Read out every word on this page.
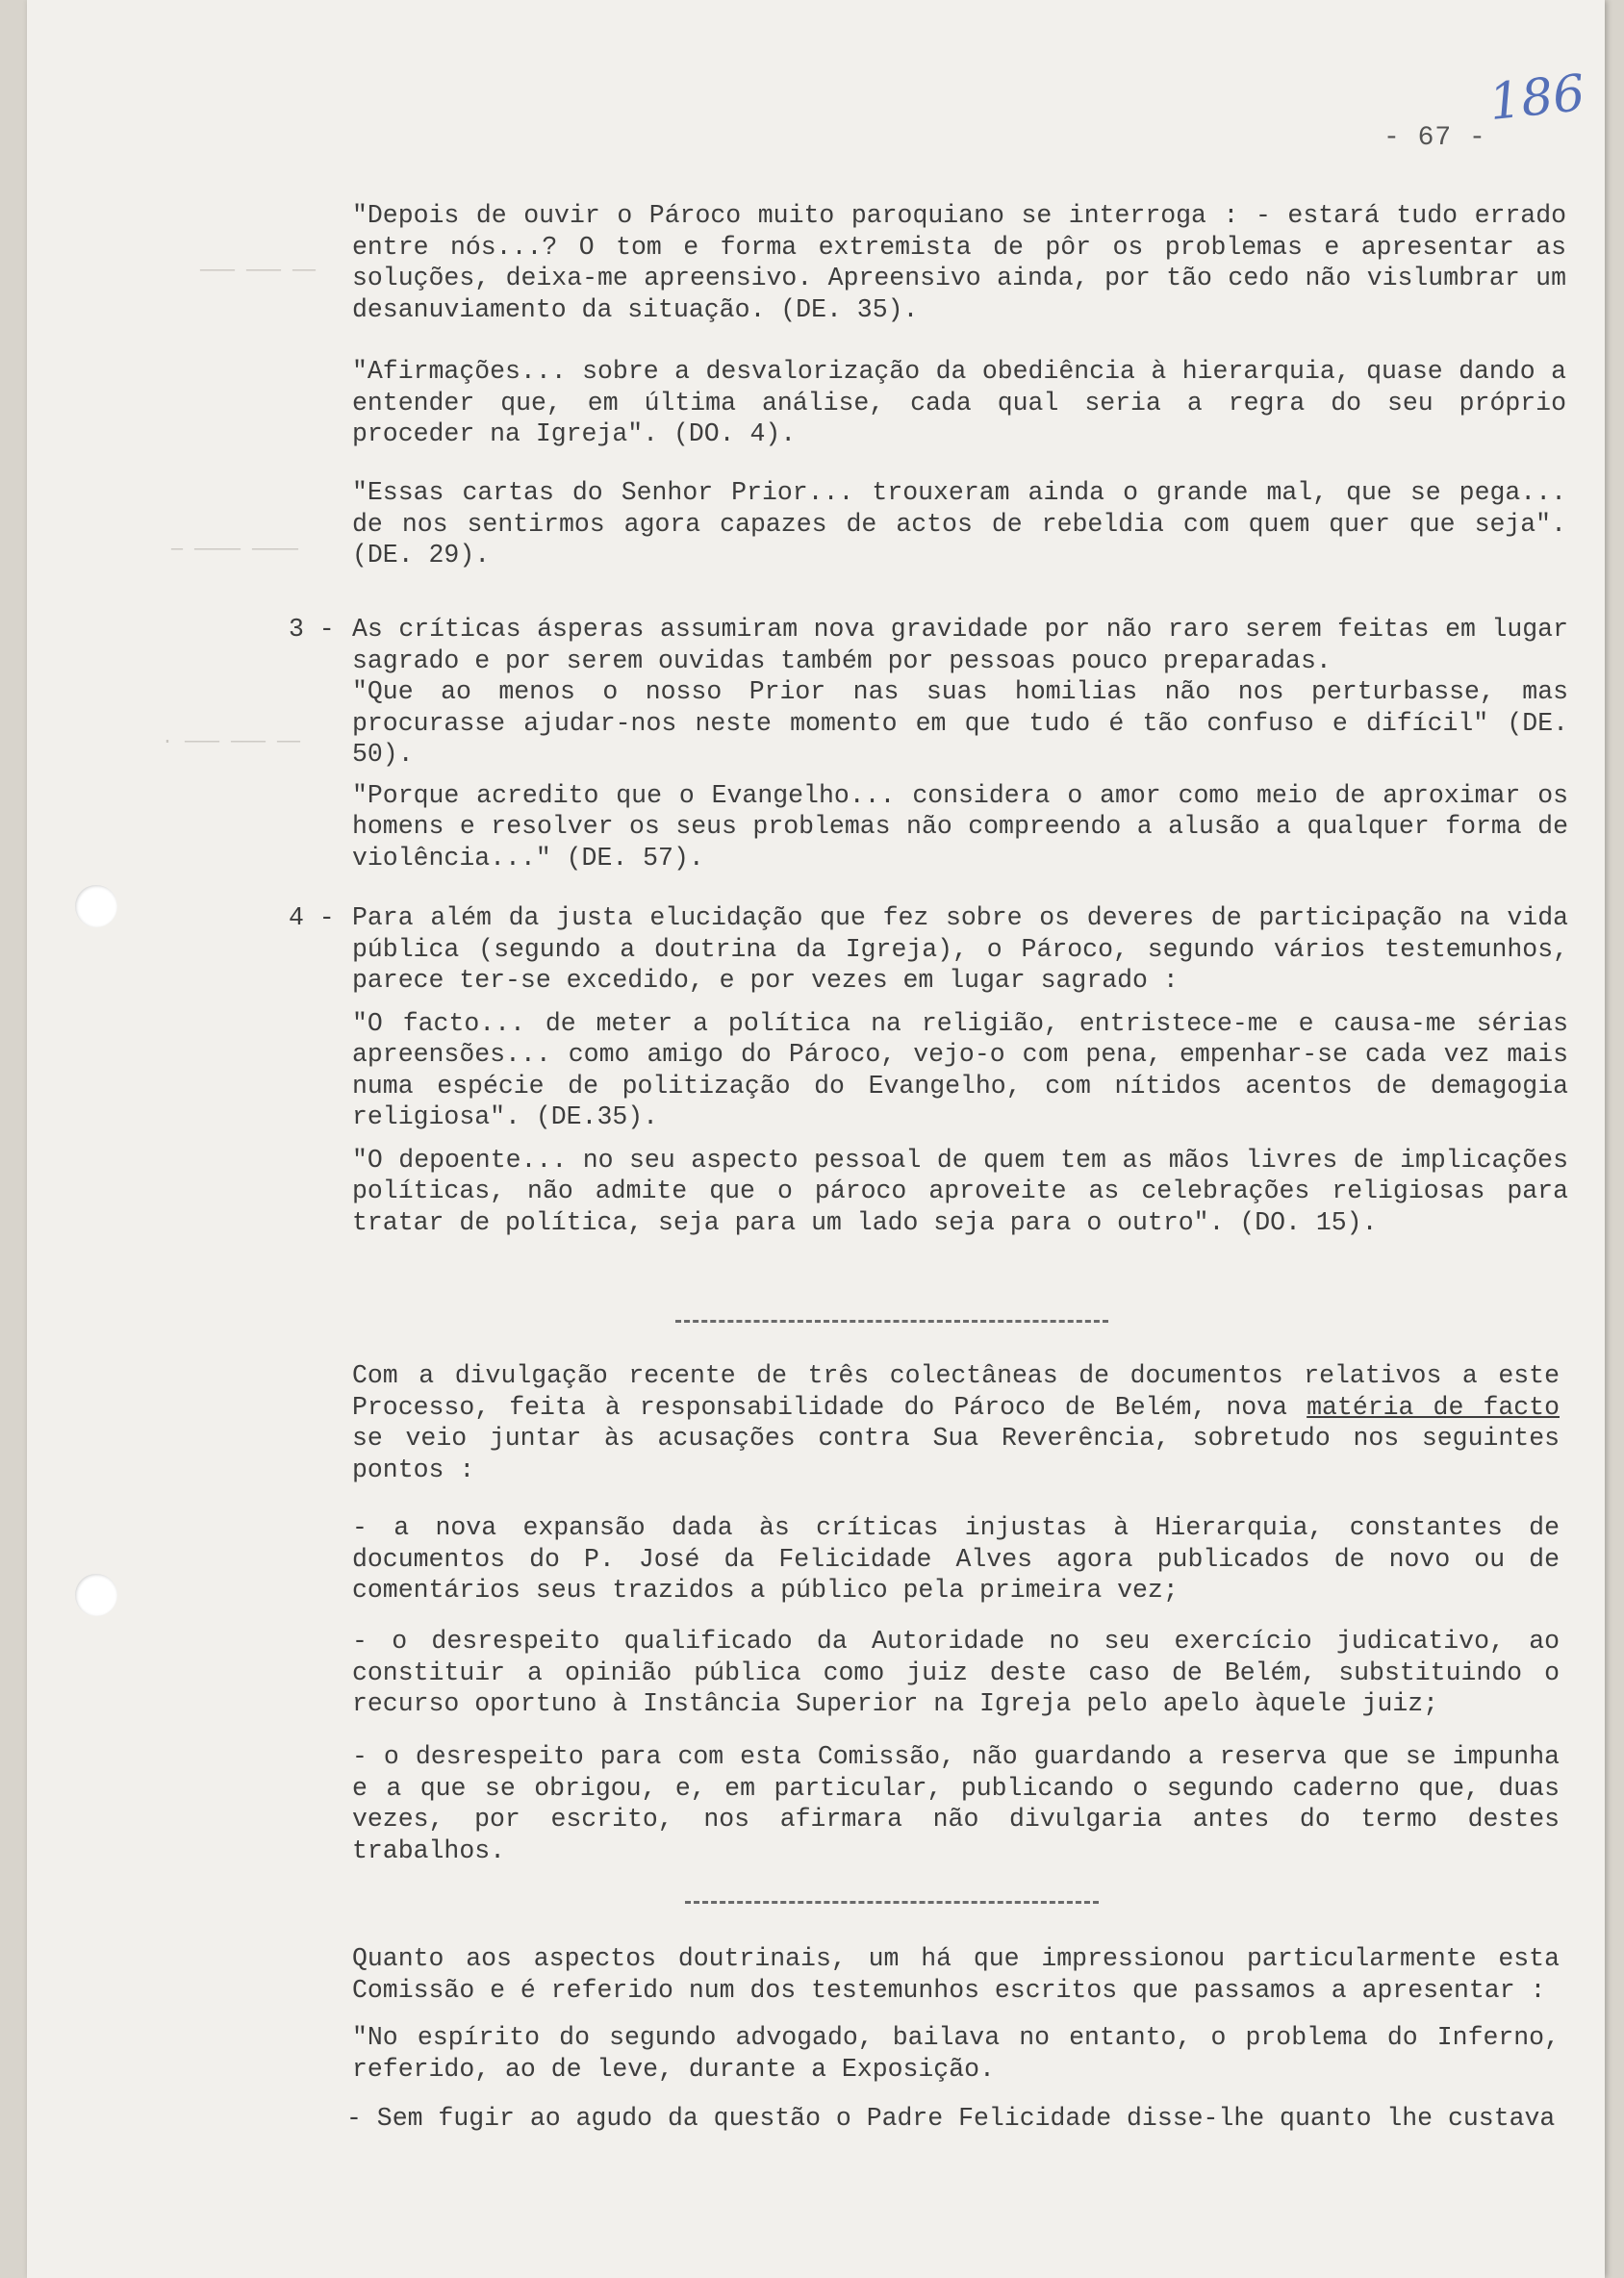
——— ——— ——
— ———— ————
· ——— ——— ——
186
- 67 -
"Depois de ouvir o Pároco muito paroquiano se interroga : - estará tudo errado entre nós...? O tom e forma extremista de pôr os problemas e apresentar as soluções, deixa-me apreensivo. Apreensivo ainda, por tão cedo não vislumbrar um desanuviamento da situação. (DE. 35).
"Afirmações... sobre a desvalorização da obediência à hierarquia, quase dando a entender que, em última análise, cada qual seria a regra do seu próprio proceder na Igreja". (DO. 4).
"Essas cartas do Senhor Prior... trouxeram ainda o grande mal, que se pega... de nos sentirmos agora capazes de actos de rebeldia com quem quer que seja". (DE. 29).
3 - As críticas ásperas assumiram nova gravidade por não raro serem feitas em lugar sagrado e por serem ouvidas também por pessoas pouco preparadas.
"Que ao menos o nosso Prior nas suas homilias não nos perturbasse, mas procurasse ajudar-nos neste momento em que tudo é tão confuso e difícil" (DE. 50).
"Porque acredito que o Evangelho... considera o amor como meio de aproximar os homens e resolver os seus problemas não compreendo a alusão a qualquer forma de violência..." (DE. 57).
4 - Para além da justa elucidação que fez sobre os deveres de participação na vida pública (segundo a doutrina da Igreja), o Pároco, segundo vários testemunhos, parece ter-se excedido, e por vezes em lugar sagrado :
"O facto... de meter a política na religião, entristece-me e causa-me sérias apreensões... como amigo do Pároco, vejo-o com pena, empenhar-se cada vez mais numa espécie de politização do Evangelho, com nítidos acentos de demagogia religiosa". (DE.35).
"O depoente... no seu aspecto pessoal de quem tem as mãos livres de implicações políticas, não admite que o pároco aproveite as celebrações religiosas para tratar de política, seja para um lado seja para o outro". (DO. 15).
Com a divulgação recente de três colectâneas de documentos relativos a este Processo, feita à responsabilidade do Pároco de Belém, nova matéria de facto se veio juntar às acusações contra Sua Reverência, sobretudo nos seguintes pontos :
- a nova expansão dada às críticas injustas à Hierarquia, constantes de documentos do P. José da Felicidade Alves agora publicados de novo ou de comentários seus trazidos a público pela primeira vez;
- o desrespeito qualificado da Autoridade no seu exercício judicativo, ao constituir a opinião pública como juiz deste caso de Belém, substituindo o recurso oportuno à Instância Superior na Igreja pelo apelo àquele juiz;
- o desrespeito para com esta Comissão, não guardando a reserva que se impunha e a que se obrigou, e, em particular, publicando o segundo caderno que, duas vezes, por escrito, nos afirmara não divulgaria antes do termo destes trabalhos.
Quanto aos aspectos doutrinais, um há que impressionou particularmente esta Comissão e é referido num dos testemunhos escritos que passamos a apresentar :
"No espírito do segundo advogado, bailava no entanto, o problema do Inferno, referido, ao de leve, durante a Exposição.
- Sem fugir ao agudo da questão o Padre Felicidade disse-lhe quanto lhe custava
